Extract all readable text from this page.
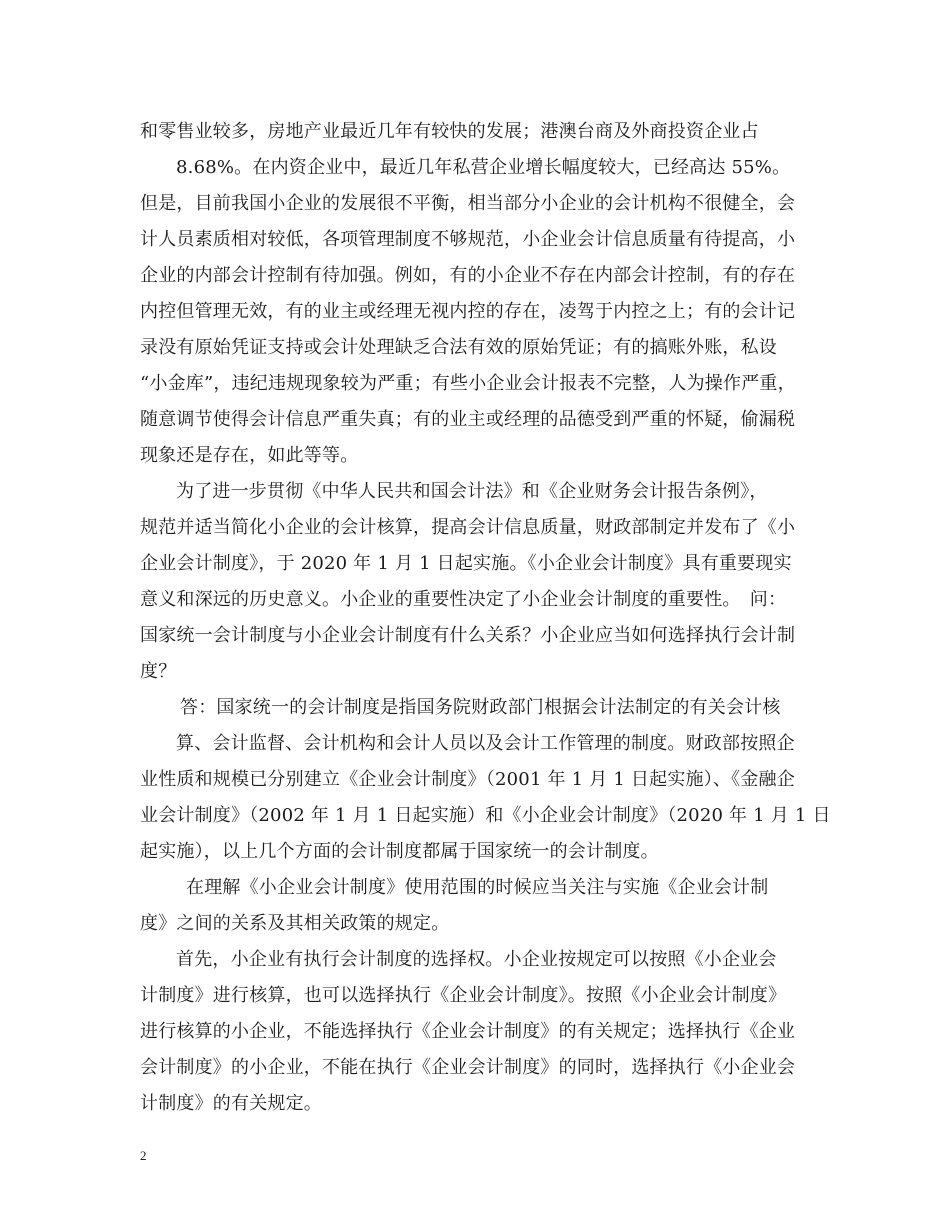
和零售业较多，房地产业最近几年有较快的发展；港澳台商及外商投资企业占
8.68%。在内资企业中，最近几年私营企业增长幅度较大，已经高达 55%。
但是，目前我国小企业的发展很不平衡，相当部分小企业的会计机构不很健全，会
计人员素质相对较低，各项管理制度不够规范，小企业会计信息质量有待提高，小
企业的内部会计控制有待加强。例如，有的小企业不存在内部会计控制，有的存在
内控但管理无效，有的业主或经理无视内控的存在，凌驾于内控之上；有的会计记
录没有原始凭证支持或会计处理缺乏合法有效的原始凭证；有的搞账外账，私设
“小金库”，违纪违规现象较为严重；有些小企业会计报表不完整，人为操作严重，
随意调节使得会计信息严重失真；有的业主或经理的品德受到严重的怀疑，偷漏税
现象还是存在，如此等等。
为了进一步贯彻《中华人民共和国会计法》和《企业财务会计报告条例》，
规范并适当简化小企业的会计核算，提高会计信息质量，财政部制定并发布了《小
企业会计制度》，于 2020 年 1 月 1 日起实施。《小企业会计制度》具有重要现实
意义和深远的历史意义。小企业的重要性决定了小企业会计制度的重要性。　问：
国家统一会计制度与小企业会计制度有什么关系？小企业应当如何选择执行会计制
度？
答：国家统一的会计制度是指国务院财政部门根据会计法制定的有关会计核
算、会计监督、会计机构和会计人员以及会计工作管理的制度。财政部按照企
业性质和规模已分别建立《企业会计制度》（2001 年 1 月 1 日起实施）、《金融企
业会计制度》（2002 年 1 月 1 日起实施）和《小企业会计制度》（2020 年 1 月 1 日
起实施），以上几个方面的会计制度都属于国家统一的会计制度。
在理解《小企业会计制度》使用范围的时候应当关注与实施《企业会计制
度》之间的关系及其相关政策的规定。
首先，小企业有执行会计制度的选择权。小企业按规定可以按照《小企业会
计制度》进行核算，也可以选择执行《企业会计制度》。按照《小企业会计制度》
进行核算的小企业，不能选择执行《企业会计制度》的有关规定；选择执行《企业
会计制度》的小企业，不能在执行《企业会计制度》的同时，选择执行《小企业会
计制度》的有关规定。
2
